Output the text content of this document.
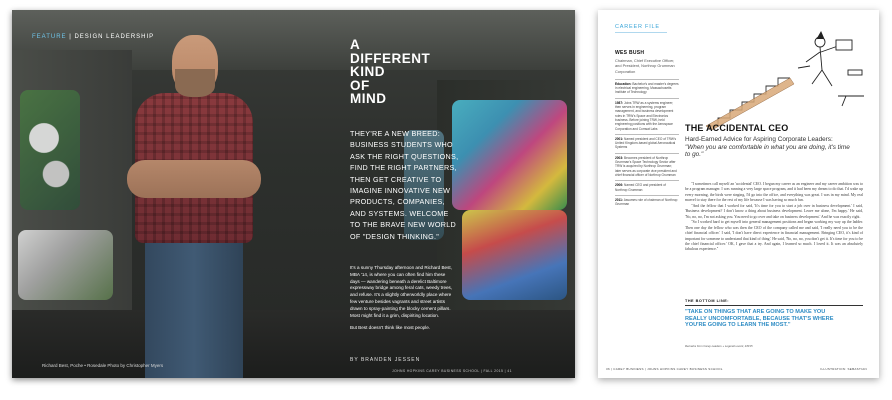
FEATURE | DESIGN LEADERSHIP	A
DIFFERENT
KIND
OF
MIND
THEY'RE A NEW BREED: BUSINESS STUDENTS WHO ASK THE RIGHT QUESTIONS, FIND THE RIGHT PARTNERS, THEN GET CREATIVE TO IMAGINE INNOVATIVE NEW PRODUCTS, COMPANIES, AND SYSTEMS. WELCOME TO THE BRAVE NEW WORLD OF "DESIGN THINKING."

It's a sunny Thursday afternoon and Richard Best, MBA '14, is where you can often find him these days — wandering beneath a derelict Baltimore expressway bridge among feral cats, weedy trees, and refuse. It's a slightly otherworldly place where few venture besides vagrants and street artists drawn to spray-painting the blocky cement pillars. Most might find it a grim, dispiriting location.

But Best doesn't think like most people.

BY BRANDEN JESSEN
Richard Best, Poche • Rosedale Photo by Christopher Myers
JOHNS HOPKINS CAREY BUSINESS SCHOOL | FALL 2015 | 41
CAREER FILE
WES BUSH
Chairman, Chief Executive Officer, and President, Northrop Grumman Corporation
Education: Bachelor's and master's degrees in electrical engineering, Massachusetts Institute of Technology
1987: Joins TRW as a systems engineer; then serves in engineering, program management, and business development roles in TRW's Space and Electronics business. Before joining TRW, held engineering positions with the Aerospace Corporation and Comsat Labs
2001: Named president and CEO of TRW's United Kingdom-based global Aeronautical Systems
2003: Becomes president of Northrop Grumman's Space Technology Sector after TRW is acquired by Northrop Grumman; later serves as corporate vice president and chief financial officer of Northrop Grumman
2006: Named CEO and president of Northrop Grumman
2011: Assumes role of chairman of Northrop Grumman
THE ACCIDENTAL CEO
Hard-Earned Advice for Aspiring Corporate Leaders:
"When you are comfortable in what you are doing, it's time to go."

"I sometimes call myself an 'accidental' CEO. I began my career as an engineer and my career ambition was to be a program manager. I was running a very large space program, and it had been my dream to do that. I'd wake up every morning, the birds were singing, I'd go into the office, and everything was great. I was in my mind. My real marvel to stay there for the rest of my life because I was having so much fun.

"And the fellow that I worked for said, 'It's time for you to start a job over in business development.' I said, 'Business development? I don't know a thing about business development. Leave me alone, I'm happy.' He said, 'No, no, no, I'm not asking you. You need to go over and take on business development.' And he was exactly right.

"So I worked hard to get myself into general management positions and began working my way up the ladder. Then one day the fellow who was then the CEO of the company called me and said, 'I really need you to be the chief financial officer.' I said, 'I don't have direct experience in financial management. Bringing CEO, it's kind of important for someone to understand that kind of thing.' He said, 'No, no, no, you don't get it. It's time for you to be the chief financial officer.' OK, I gave that a try. And again, I learned so much. I loved it. It was an absolutely fabulous experience."

THE BOTTOM LINE:
"TAKE ON THINGS THAT ARE GOING TO MAKE YOU REALLY UNCOMFORTABLE, BECAUSE THAT'S WHERE YOU'RE GOING TO LEARN THE MOST."
Remarks from Carey Leaders + Legends event, 4/8/15
36 | CAREY BUSINESS | JOHNS HOPKINS CAREY BUSINESS SCHOOL	ILLUSTRATION: SEBASTIAN
